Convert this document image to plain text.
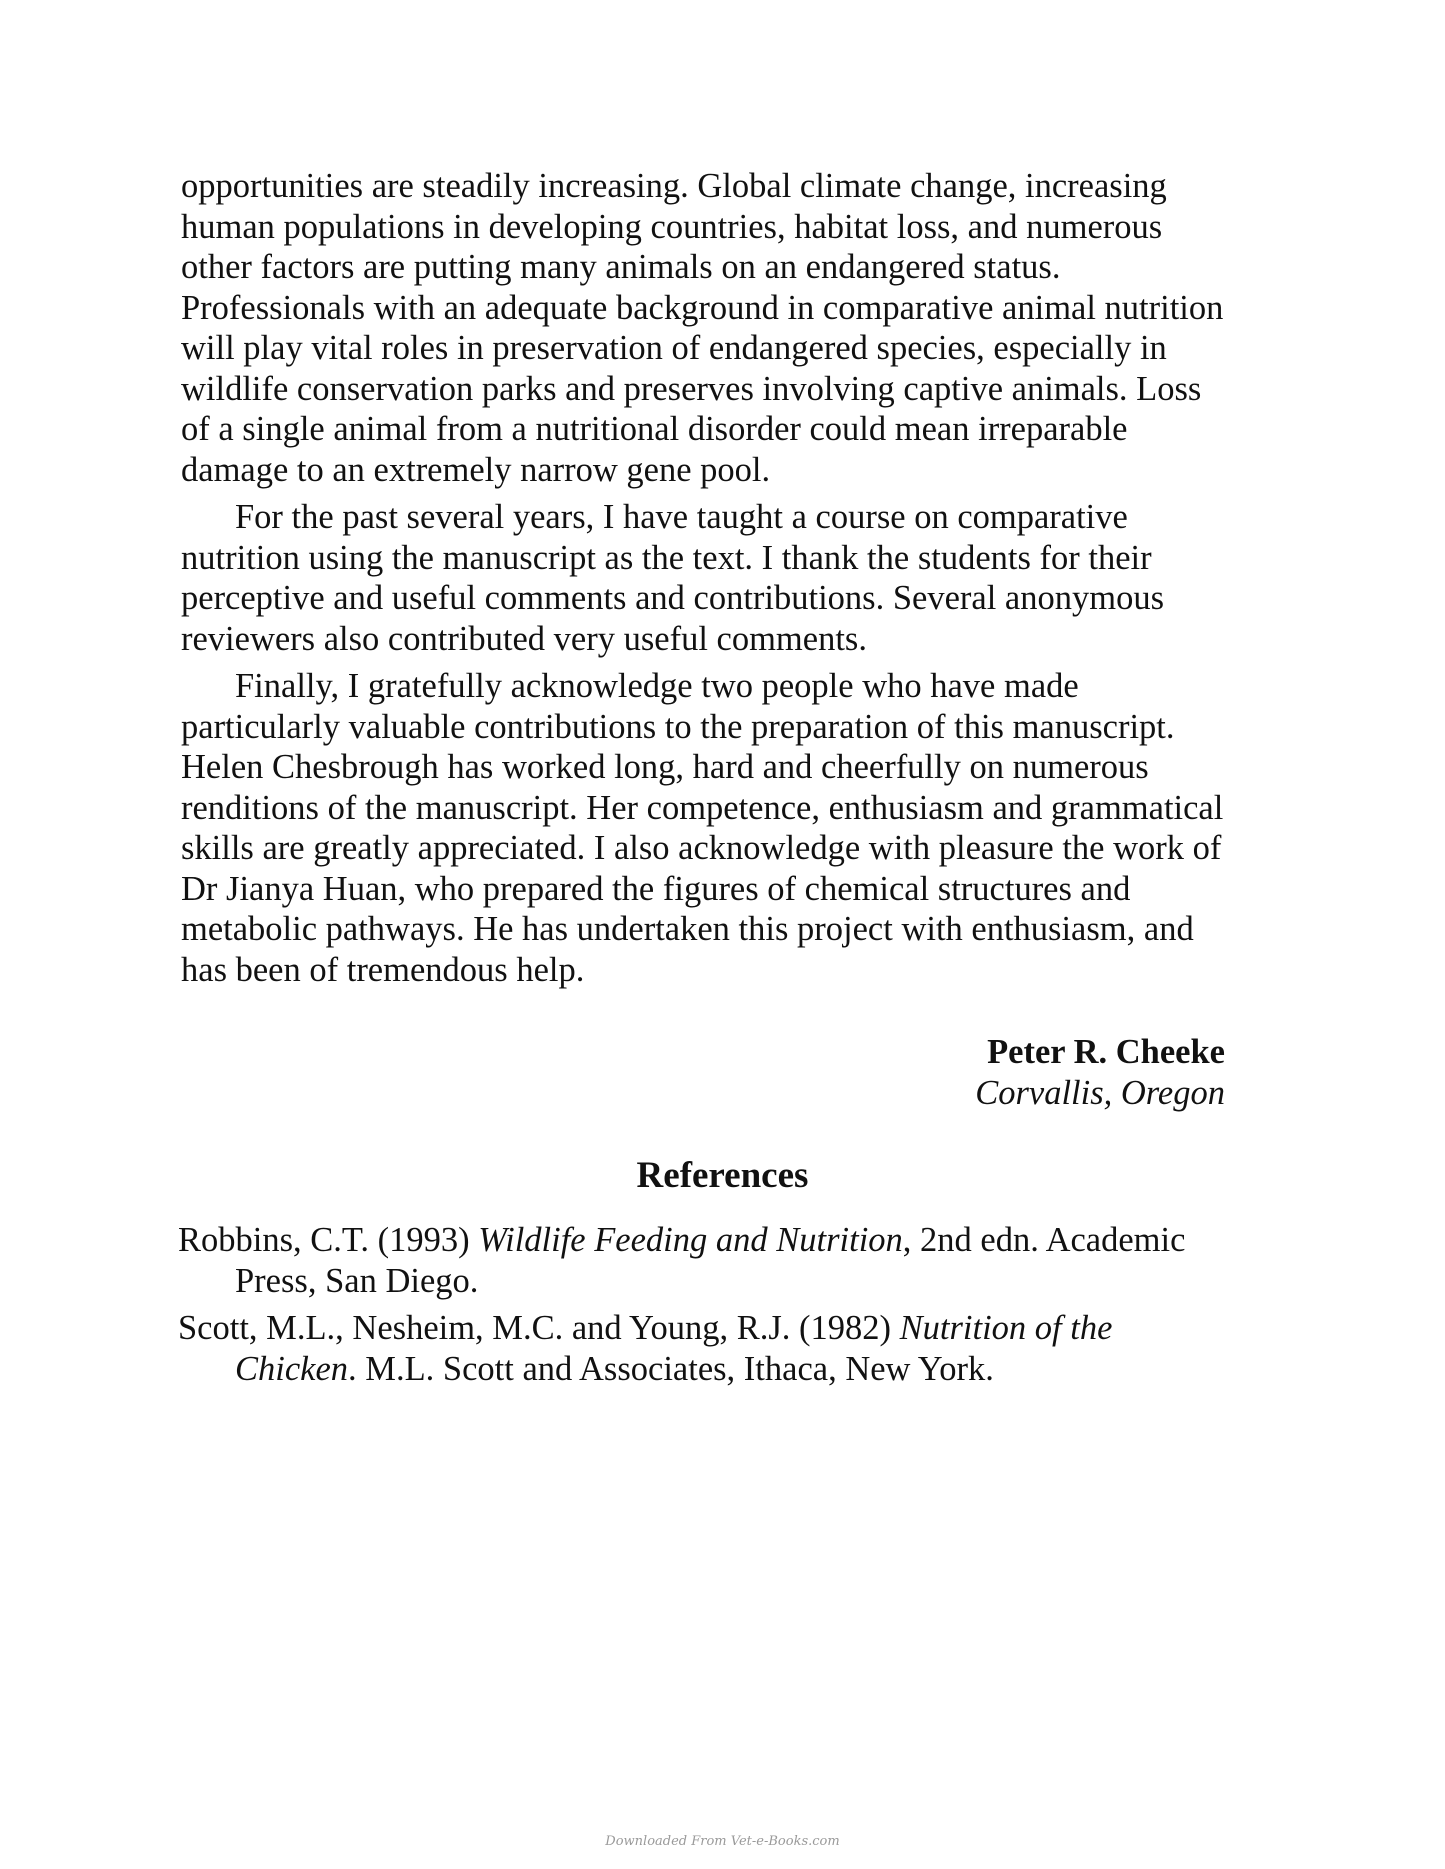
opportunities are steadily increasing. Global climate change, increasing
human populations in developing countries, habitat loss, and numerous
other factors are putting many animals on an endangered status.
Professionals with an adequate background in comparative animal nutrition
will play vital roles in preservation of endangered species, especially in
wildlife conservation parks and preserves involving captive animals. Loss
of a single animal from a nutritional disorder could mean irreparable
damage to an extremely narrow gene pool.

For the past several years, I have taught a course on comparative
nutrition using the manuscript as the text. I thank the students for their
perceptive and useful comments and contributions. Several anonymous
reviewers also contributed very useful comments.

Finally, I gratefully acknowledge two people who have made
particularly valuable contributions to the preparation of this manuscript.
Helen Chesbrough has worked long, hard and cheerfully on numerous
renditions of the manuscript. Her competence, enthusiasm and grammatical
skills are greatly appreciated. I also acknowledge with pleasure the work of
Dr Jianya Huan, who prepared the figures of chemical structures and
metabolic pathways. He has undertaken this project with enthusiasm, and
has been of tremendous help.

Peter R. Cheeke
Corvallis, Oregon
References
Robbins, C.T. (1993) Wildlife Feeding and Nutrition, 2nd edn. Academic
Press, San Diego.
Scott, M.L., Nesheim, M.C. and Young, R.J. (1982) Nutrition of the
Chicken. M.L. Scott and Associates, Ithaca, New York.
Downloaded From Vet-e-Books.com
